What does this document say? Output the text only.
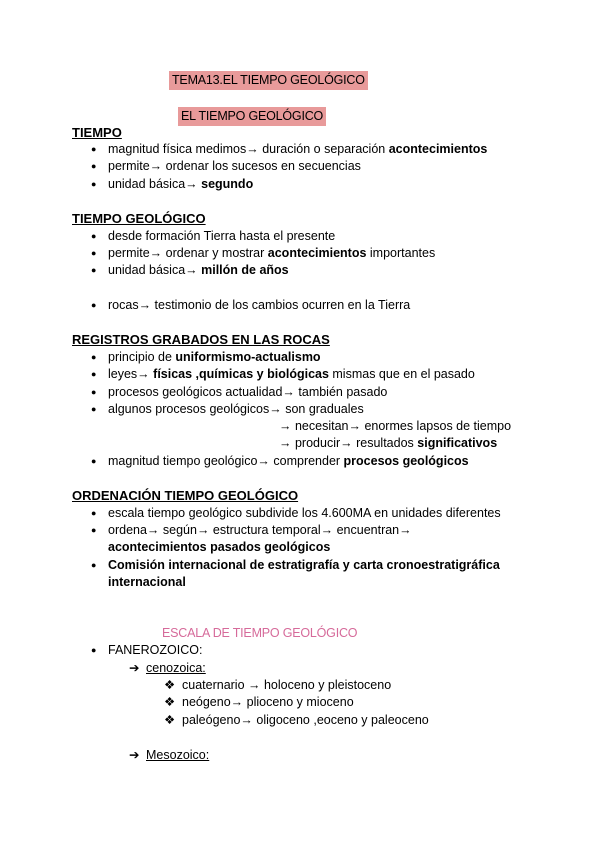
TEMA13.EL TIEMPO GEOLÓGICO
EL TIEMPO GEOLÓGICO
TIEMPO
● magnitud física medimos→ duración o separación acontecimientos
● permite→ ordenar los sucesos en secuencias
● unidad básica→ segundo
TIEMPO GEOLÓGICO
● desde formación Tierra hasta el presente
● permite→ ordenar y mostrar acontecimientos importantes
● unidad básica→ millón de años
● rocas→ testimonio de los cambios ocurren en la Tierra
REGISTROS GRABADOS EN LAS ROCAS
● principio de uniformismo-actualismo
● leyes→ físicas ,químicas y biológicas mismas que en el pasado
● procesos geológicos actualidad→ también pasado
● algunos procesos geológicos→ son graduales
→ necesitan→ enormes lapsos de tiempo
→ producir→ resultados significativos
● magnitud tiempo geológico→ comprender procesos geológicos
ORDENACIÓN TIEMPO GEOLÓGICO
● escala tiempo geológico subdivide los 4.600MA en unidades diferentes
● ordena→ según→ estructura temporal→ encuentran→
acontecimientos pasados geológicos
● Comisión internacional de estratigrafía y carta cronoestratigráfica
internacional
ESCALA DE TIEMPO GEOLÓGICO
● FANEROZOICO:
➔ cenozoica:
❖ cuaternario → holoceno y pleistoceno
❖ neógeno→ plioceno y mioceno
❖ paleógeno→ oligoceno ,eoceno y paleoceno
➔ Mesozoico:
